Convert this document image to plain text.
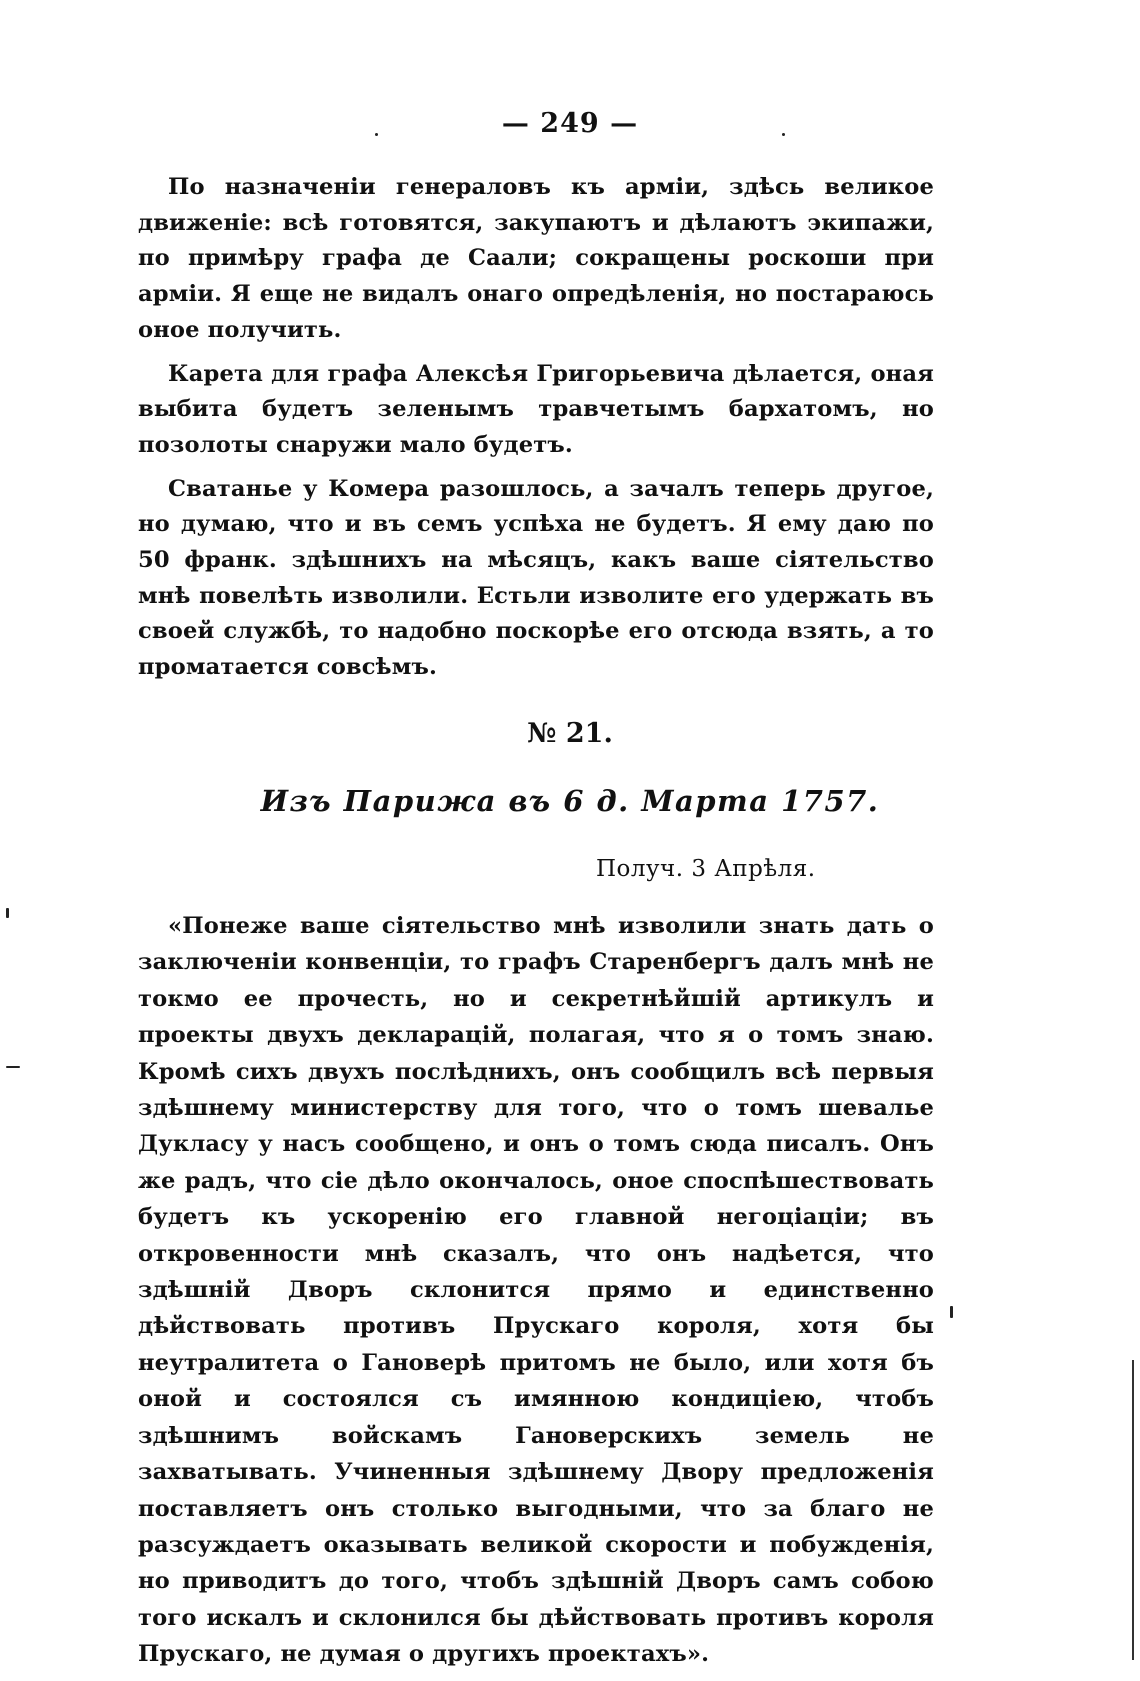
— 249 —

По назначенiи генераловъ къ армiи, здѣсь великое движенiе: всѣ готовятся, закупаютъ и дѣлаютъ экипажи, по примѣру графа де Саали; сокращены роскоши при армiи. Я еще не видалъ онаго опредѣленiя, но постараюсь оное получить.

Карета для графа Алексѣя Григорьевича дѣлается, оная выбита будетъ зеленымъ травчетымъ бархатомъ, но позолоты снаружи мало будетъ.

Сватанье у Комера разошлось, а зачалъ теперь другое, но думаю, что и въ семъ успѣха не будетъ. Я ему даю по 50 франк. здѣшнихъ на мѣсяцъ, какъ ваше сiятельство мнѣ повелѣть изволили. Естьли изволите его удержать въ своей службѣ, то надобно поскорѣе его отсюда взять, а то проматается совсѣмъ.

№ 21.
Изъ Парижа въ 6 д. Марта 1757.
Получ. 3 Апрѣля.

«Понеже ваше сiятельство мнѣ изволили знать дать о заключенiи конвенцiи, то графъ Старенбергъ далъ мнѣ не токмо ее прочесть, но и секретнѣйшiй артикулъ и проекты двухъ декларацiй, полагая, что я о томъ знаю. Кромѣ сихъ двухъ послѣднихъ, онъ сообщилъ всѣ первыя здѣшнему министерству для того, что о томъ шевалье Дукласу у насъ сообщено, и онъ о томъ сюда писалъ. Онъ же радъ, что сiе дѣло окончалось, оное споспѣшествовать будетъ къ ускоренiю его главной негоцiацiи; въ откровенности мнѣ сказалъ, что онъ надѣется, что здѣшнiй Дворъ склонится прямо и единственно дѣйствовать противъ Прускаго короля, хотя бы неутралитета о Гановерѣ притомъ не было, или хотя бъ оной и состоялся съ имянною кондицiею, чтобъ здѣшнимъ войскамъ Гановерскихъ земель не захватывать. Учиненныя здѣшнему Двору предложенiя поставляетъ онъ столько выгодными, что за благо не разсуждаетъ оказывать великой скорости и побужденiя, но приводитъ до того, чтобъ здѣшнiй Дворъ самъ собою того искалъ и склонился бы дѣйствовать противъ короля Прускаго, не думая о другихъ проектахъ».
